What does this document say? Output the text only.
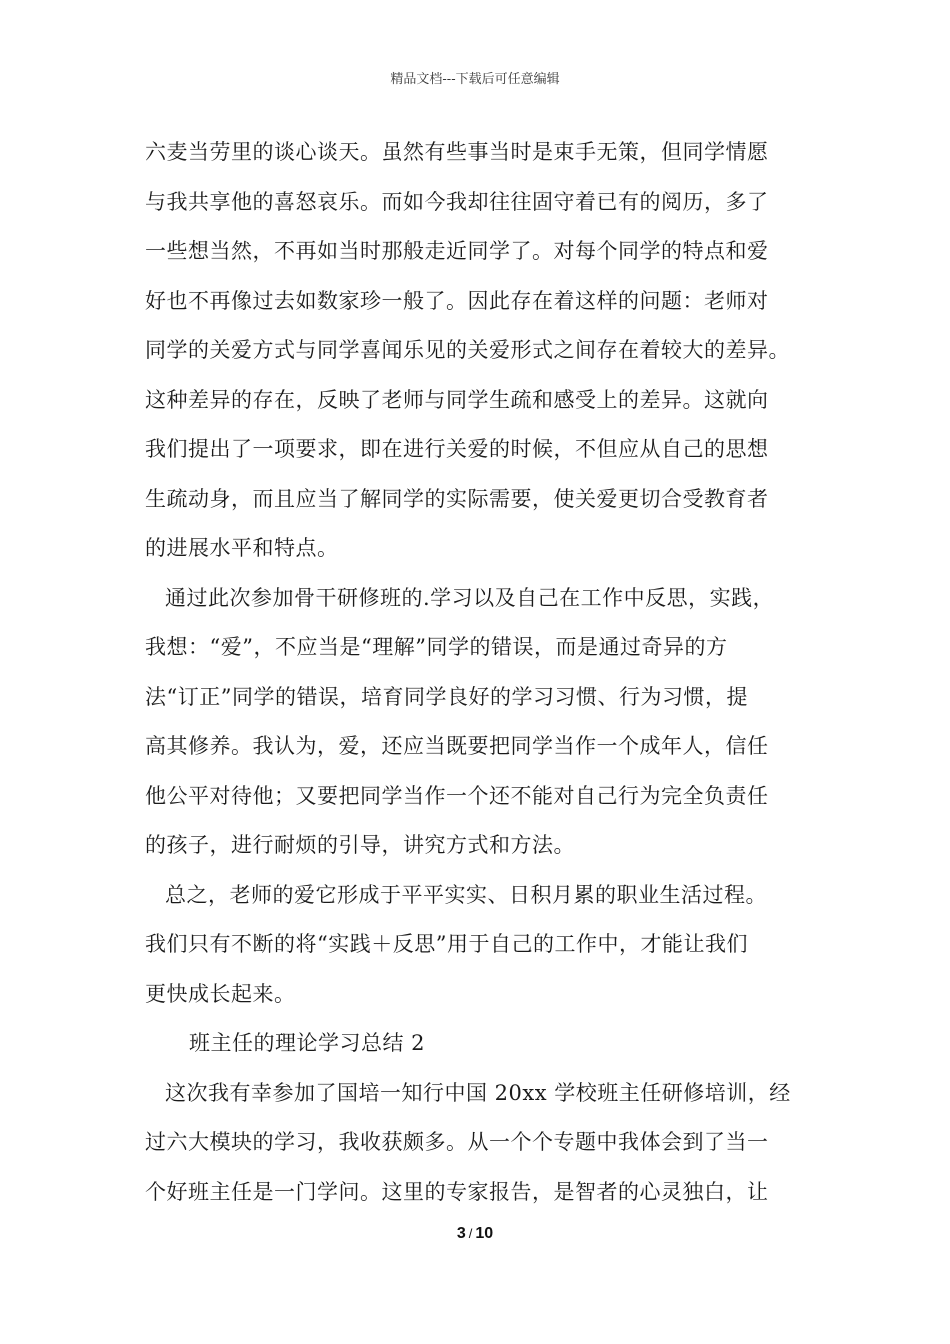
精品文档---下载后可任意编辑
六麦当劳里的谈心谈天。虽然有些事当时是束手无策，但同学情愿
与我共享他的喜怒哀乐。而如今我却往往固守着已有的阅历，多了
一些想当然，不再如当时那般走近同学了。对每个同学的特点和爱
好也不再像过去如数家珍一般了。因此存在着这样的问题：老师对
同学的关爱方式与同学喜闻乐见的关爱形式之间存在着较大的差异。
这种差异的存在，反映了老师与同学生疏和感受上的差异。这就向
我们提出了一项要求，即在进行关爱的时候，不但应从自己的思想
生疏动身，而且应当了解同学的实际需要，使关爱更切合受教育者
的进展水平和特点。
通过此次参加骨干研修班的.学习以及自己在工作中反思，实践，
我想：“爱”，不应当是“理解”同学的错误，而是通过奇异的方
法“订正”同学的错误，培育同学良好的学习习惯、行为习惯，提
高其修养。我认为，爱，还应当既要把同学当作一个成年人，信任
他公平对待他；又要把同学当作一个还不能对自己行为完全负责任
的孩子，进行耐烦的引导，讲究方式和方法。
总之，老师的爱它形成于平平实实、日积月累的职业生活过程。
我们只有不断的将“实践＋反思”用于自己的工作中，才能让我们
更快成长起来。
班主任的理论学习总结 2
这次我有幸参加了国培一知行中国 20xx 学校班主任研修培训，经
过六大模块的学习，我收获颇多。从一个个专题中我体会到了当一
个好班主任是一门学问。这里的专家报告，是智者的心灵独白，让
3 / 10
